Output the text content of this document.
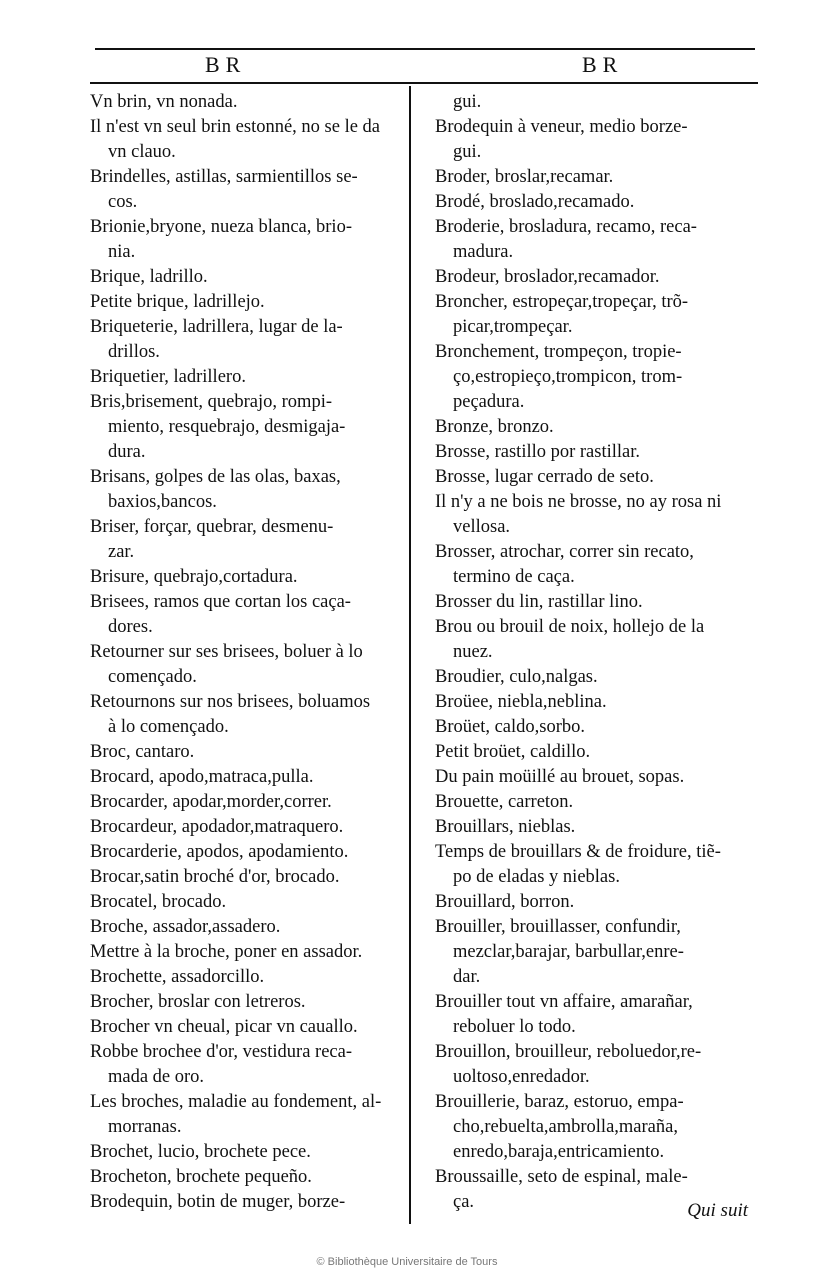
BR	BR
Vn brin, vn nonada.
Il n'est vn seul brin estonné, no se le da
vn clauo.
Brindelles, astillas, sarmientillos se-
cos.
Brionie,bryone, nueza blanca, brio-
nia.
Brique, ladrillo.
Petite brique, ladrillejo.
Briqueterie, ladrillera, lugar de la-
drillos.
Briquetier, ladrillero.
Bris,brisement, quebrajo, rompi-
miento, resquebrajo, desmigaja-
dura.
Brisans, golpes de las olas, baxas,
baxios,bancos.
Briser, forçar, quebrar, desmenu-
zar.
Brisure, quebrajo,cortadura.
Brisees, ramos que cortan los caça-
dores.
Retourner sur ses brisees, boluer à lo
començado.
Retournons sur nos brisees, boluamos
à lo començado.
Broc, cantaro.
Brocard, apodo,matraca,pulla.
Brocarder, apodar,morder,correr.
Brocardeur, apodador,matraquero.
Brocarderie, apodos, apodamiento.
Brocar,satin broché d'or, brocado.
Brocatel, brocado.
Broche, assador,assadero.
Mettre à la broche, poner en assador.
Brochette, assadorcillo.
Brocher, broslar con letreros.
Brocher vn cheual, picar vn cauallo.
Robbe brochee d'or, vestidura reca-
mada de oro.
Les broches, maladie au fondement, al-
morranas.
Brochet, lucio, brochete pece.
Brocheton, brochete pequeño.
Brodequin, botin de muger, borze-
gui.
Brodequin à veneur, medio borze-
gui.
Broder, broslar,recamar.
Brodé, broslado,recamado.
Broderie, brosladura, recamo, reca-
madura.
Brodeur, broslador,recamador.
Broncher, estropeçar,tropeçar, trõ-
picar,trompeçar.
Bronchement, trompeçon, tropie-
ço,estropieço,trompicon, trom-
peçadura.
Bronze, bronzo.
Brosse, rastillo por rastillar.
Brosse, lugar cerrado de seto.
Il n'y a ne bois ne brosse, no ay rosa ni
vellosa.
Brosser, atrochar, correr sin recato,
termino de caça.
Brosser du lin, rastillar lino.
Brou ou brouil de noix, hollejo de la
nuez.
Broudier, culo,nalgas.
Broüee, niebla,neblina.
Broüet, caldo,sorbo.
Petit broüet, caldillo.
Du pain moüillé au brouet, sopas.
Brouette, carreton.
Brouillars, nieblas.
Temps de brouillars & de froidure, tiẽ-
po de eladas y nieblas.
Brouillard, borron.
Brouiller, brouillasser, confundir,
mezclar,barajar, barbullar,enre-
dar.
Brouiller tout vn affaire, amarañar,
reboluer lo todo.
Brouillon, brouilleur, reboluedor,re-
uoltoso,enredador.
Brouillerie, baraz, estoruo, empa-
cho,rebuelta,ambrolla,maraña,
enredo,baraja,entricamiento.
Broussaille, seto de espinal, male-
ça.	Qui suit
© Bibliothèque Universitaire de Tours
